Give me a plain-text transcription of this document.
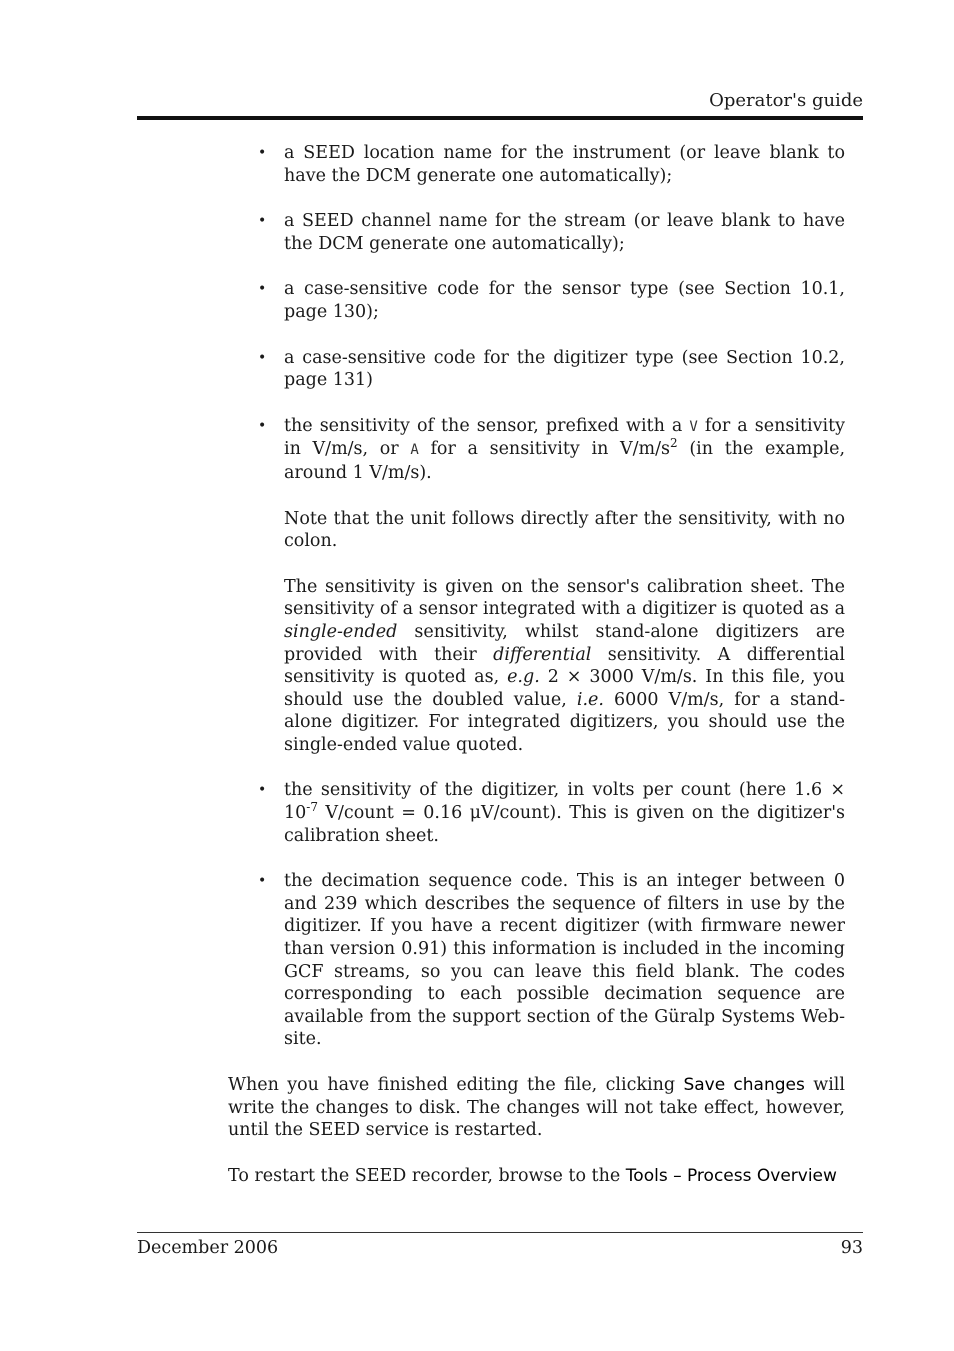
Operator's guide
• a SEED location name for the instrument (or leave blank to have the DCM generate one automatically);
• a SEED channel name for the stream (or leave blank to have the DCM generate one automatically);
• a case-sensitive code for the sensor type (see Section 10.1, page 130);
• a case-sensitive code for the digitizer type (see Section 10.2, page 131)
• the sensitivity of the sensor, prefixed with a V for a sensitivity in V/m/s, or A for a sensitivity in $V/m/s^2$ (in the example, around 1 V/m/s).

Note that the unit follows directly after the sensitivity, with no colon.

The sensitivity is given on the sensor's calibration sheet. The sensitivity of a sensor integrated with a digitizer is quoted as a single-ended sensitivity, whilst stand-alone digitizers are provided with their differential sensitivity. A differential sensitivity is quoted as, e.g. 2 × 3000 V/m/s. In this file, you should use the doubled value, i.e. 6000 V/m/s, for a stand-alone digitizer. For integrated digitizers, you should use the single-ended value quoted.

• the sensitivity of the digitizer, in volts per count (here $1.6 \times 10^{-7}$ V/count = 0.16 μV/count). This is given on the digitizer's calibration sheet.
• the decimation sequence code. This is an integer between 0 and 239 which describes the sequence of filters in use by the digitizer. If you have a recent digitizer (with firmware newer than version 0.91) this information is included in the incoming GCF streams, so you can leave this field blank. The codes corresponding to each possible decimation sequence are available from the support section of the Güralp Systems Web-site.

When you have finished editing the file, clicking Save changes will write the changes to disk. The changes will not take effect, however, until the SEED service is restarted.

To restart the SEED recorder, browse to the Tools – Process Overview

December 2006	93
